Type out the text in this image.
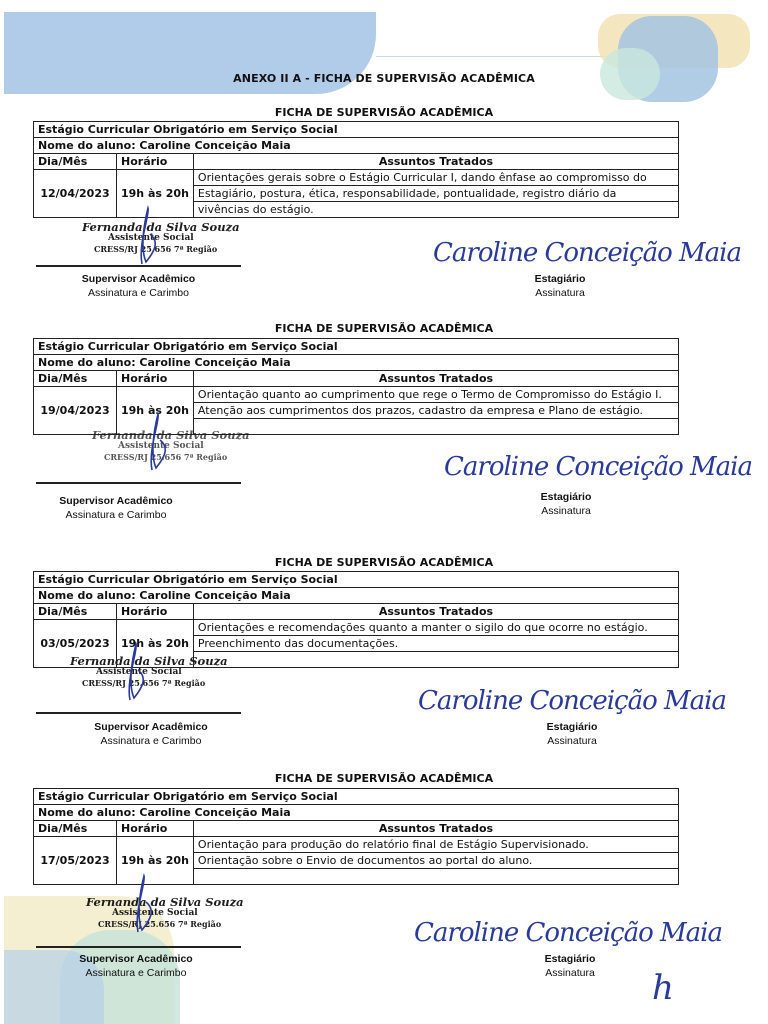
ANEXO II A - FICHA DE SUPERVISÃO ACADÊMICA
FICHA DE SUPERVISÃO ACADÊMICA
Estágio Curricular Obrigatório em Serviço Social		
Nome do aluno: Caroline Conceição Maia		
Dia/Mês	Horário	Assuntos Tratados
12/04/2023	19h às 20h	Orientações gerais sobre o Estágio Curricular I, dando ênfase ao compromisso do
		Estagiário, postura, ética, responsabilidade, pontualidade, registro diário da
		vivências do estágio.
Fernanda da Silva Souza
Assistente Social
CRESS/RJ 25.656 7ª Região
Supervisor Acadêmico
Assinatura e Carimbo
Caroline Conceição Maia
Estagiário
Assinatura
FICHA DE SUPERVISÃO ACADÊMICA
Estágio Curricular Obrigatório em Serviço Social		
Nome do aluno: Caroline Conceição Maia		
Dia/Mês	Horário	Assuntos Tratados
19/04/2023	19h às 20h	Orientação quanto ao cumprimento que rege o Termo de Compromisso do Estágio I.
		Atenção aos cumprimentos dos prazos, cadastro da empresa e Plano de estágio.

Fernanda da Silva Souza
Assistente Social
CRESS/RJ 25.656 7ª Região
Supervisor Acadêmico
Assinatura e Carimbo
Caroline Conceição Maia
Estagiário
Assinatura
FICHA DE SUPERVISÃO ACADÊMICA
Estágio Curricular Obrigatório em Serviço Social		
Nome do aluno: Caroline Conceição Maia		
Dia/Mês	Horário	Assuntos Tratados
03/05/2023	19h às 20h	Orientações e recomendações quanto a manter o sigilo do que ocorre no estágio.
		Preenchimento das documentações.

Fernanda da Silva Souza
Assistente Social
CRESS/RJ 25.656 7ª Região
Supervisor Acadêmico
Assinatura e Carimbo
Caroline Conceição Maia
Estagiário
Assinatura
FICHA DE SUPERVISÃO ACADÊMICA
Estágio Curricular Obrigatório em Serviço Social		
Nome do aluno: Caroline Conceição Maia		
Dia/Mês	Horário	Assuntos Tratados
17/05/2023	19h às 20h	Orientação para produção do relatório final de Estágio Supervisionado.
		Orientação sobre o Envio de documentos ao portal do aluno.

Fernanda da Silva Souza
Assistente Social
CRESS/RJ 25.656 7ª Região
Supervisor Acadêmico
Assinatura e Carimbo
Caroline Conceição Maia
Estagiário
Assinatura	h
